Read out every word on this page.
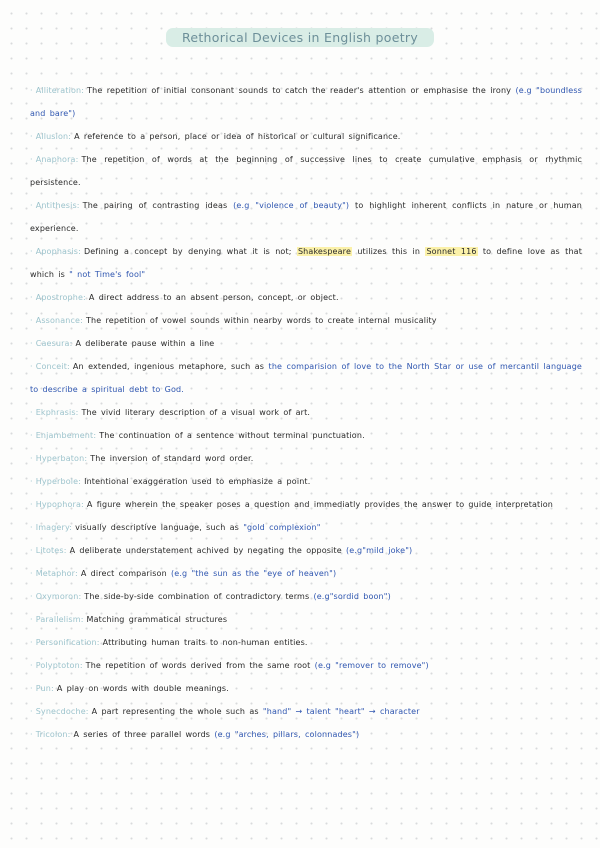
Rethorical Devices in English poetry
· Alliteration: The repetition of initial consonant sounds to catch the reader's attention or emphasise the irony (e.g "boundless and bare")
· Allusion: A reference to a person, place or idea of historical or cultural significance.
· Anaphora: The repetition of words at the beginning of successive lines to create cumulative emphasis or rhythmic persistence.
· Antithesis: The pairing of contrasting ideas (e.g "violence of beauty") to highlight inherent conflicts in nature or human experience.
· Apophasis: Defining a concept by denying what it is not; Shakespeare utilizes this in Sonnet 116 to define love as that which is " not Time's fool"
· Apostrophe: A direct address to an absent person, concept, or object.
· Assonance: The repetition of vowel sounds within nearby words to create internal musicality
· Caesura: A deliberate pause within a line
· Conceit: An extended, ingenious metaphore, such as the comparision of love to the North Star or use of mercantil language to describe a spiritual debt to God.
· Ekphrasis: The vivid literary description of a visual work of art.
· Enjambement: The continuation of a sentence without terminal punctuation.
· Hyperbaton: The inversion of standard word order.
· Hyperbole: Intentional exaggeration used to emphasize a point.
· Hypophora: A figure wherein the speaker poses a question and immediatly provides the answer to guide interpretation
· Imagery: visually descriptive language, such as "gold complexion"
· Litotes: A deliberate understatement achived by negating the opposite (e.g"mild joke")
· Metaphor: A direct comparison (e.g "the sun as the "eye of heaven")
· Oxymoron: The side-by-side combination of contradictory terms (e.g"sordid boon")
· Parallelism: Matching grammatical structures
· Personification: Attributing human traits to non-human entities.
· Polyptoton: The repetition of words derived from the same root (e.g "remover to remove")
· Pun: A play on words with double meanings.
· Synecdoche: A part representing the whole such as "hand" → talent "heart" → character
· Tricolon: A series of three parallel words (e.g "arches, pillars, colonnades")
